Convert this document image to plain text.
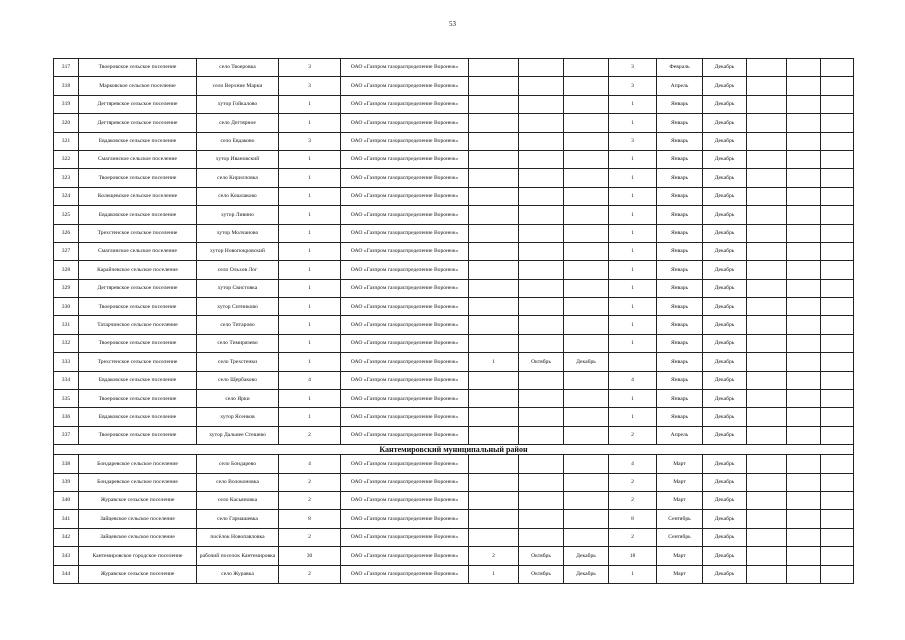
53
317	Твоеровское сельское поселение	село Твоеровка	3	ОАО «Газпром газораспределение Воронеж»				3	Февраль	Декабрь			
318	Марковское сельское поселение	село Верхние Марки	3	ОАО «Газпром газораспределение Воронеж»				3	Апрель	Декабрь			
319	Дегтяревское сельское поселение	хутор Гойкалово	1	ОАО «Газпром газораспределение Воронеж»				1	Январь	Декабрь			
320	Дегтяревское сельское поселение	село Дегтярное	1	ОАО «Газпром газораспределение Воронеж»				1	Январь	Декабрь			
321	Евдаковское сельское поселение	село Евдаково	3	ОАО «Газпром газораспределение Воронеж»				3	Январь	Декабрь			
322	Смаглинское сельское поселение	хутор Ивановский	1	ОАО «Газпром газораспределение Воронеж»				1	Январь	Декабрь			
323	Твоеровское сельское поселение	село Кирилловка	1	ОАО «Газпром газораспределение Воронеж»				1	Январь	Декабрь			
324	Колещевское сельское поселение	село Кошлаково	1	ОАО «Газпром газораспределение Воронеж»				1	Январь	Декабрь			
325	Евдаковское сельское поселение	хутор Ливино	1	ОАО «Газпром газораспределение Воронеж»				1	Январь	Декабрь			
326	Трехстенское сельское поселение	хутор Молчаново	1	ОАО «Газпром газораспределение Воронеж»				1	Январь	Декабрь			
327	Смаглинское сельское поселение	хутор Новопокровский	1	ОАО «Газпром газораспределение Воронеж»				1	Январь	Декабрь			
328	Карайчевское сельское поселение	село Ольхов Лог	1	ОАО «Газпром газораспределение Воронеж»				1	Январь	Декабрь			
329	Дегтяревское сельское поселение	хутор Свистовка	1	ОАО «Газпром газораспределение Воронеж»				1	Январь	Декабрь			
330	Твоеровское сельское поселение	хутор Ситниково	1	ОАО «Газпром газораспределение Воронеж»				1	Январь	Декабрь			
331	Татарчинское сельское поселение	село Титарово	1	ОАО «Газпром газораспределение Воронеж»				1	Январь	Декабрь			
332	Твоеровское сельское поселение	село Тимирязево	1	ОАО «Газпром газораспределение Воронеж»				1	Январь	Декабрь			
333	Трехстенское сельское поселение	село Трехстенки	1	ОАО «Газпром газораспределение Воронеж»	1	Октябрь	Декабрь		Январь	Декабрь			
334	Евдаковское сельское поселение	село Щербаково	4	ОАО «Газпром газораспределение Воронеж»				4	Январь	Декабрь			
335	Твоеровское сельское поселение	село Ярки	1	ОАО «Газпром газораспределение Воронеж»				1	Январь	Декабрь			
336	Евдаковское сельское поселение	хутор Ясенков	1	ОАО «Газпром газораспределение Воронеж»				1	Январь	Декабрь			
337	Твоеровское сельское поселение	хутор Дальнее Стешево	2	ОАО «Газпром газораспределение Воронеж»				2	Апрель	Декабрь			
Кантемировский муниципальный район													
338	Бондаревское сельское поселение	село Бондарево	4	ОАО «Газпром газораспределение Воронеж»				4	Март	Декабрь			
339	Бондаревское сельское поселение	село Волоконовка	2	ОАО «Газпром газораспределение Воронеж»				2	Март	Декабрь			
340	Журавское сельское поселение	село Касьяновка	2	ОАО «Газпром газораспределение Воронеж»				2	Март	Декабрь			
341	Зайцевское сельское поселение	село Гармашевка	8	ОАО «Газпром газораспределение Воронеж»				8	Сентябрь	Декабрь			
342	Зайцевское сельское поселение	посёлок Новопавловка	2	ОАО «Газпром газораспределение Воронеж»				2	Сентябрь	Декабрь			
343	Кантемировское городское поселение	рабочий поселок Кантемировка	30	ОАО «Газпром газораспределение Воронеж»	2	Октябрь	Декабрь	18	Март	Декабрь			
344	Журавское сельское поселение	село Журавка	2	ОАО «Газпром газораспределение Воронеж»	1	Октябрь	Декабрь	1	Март	Декабрь			
